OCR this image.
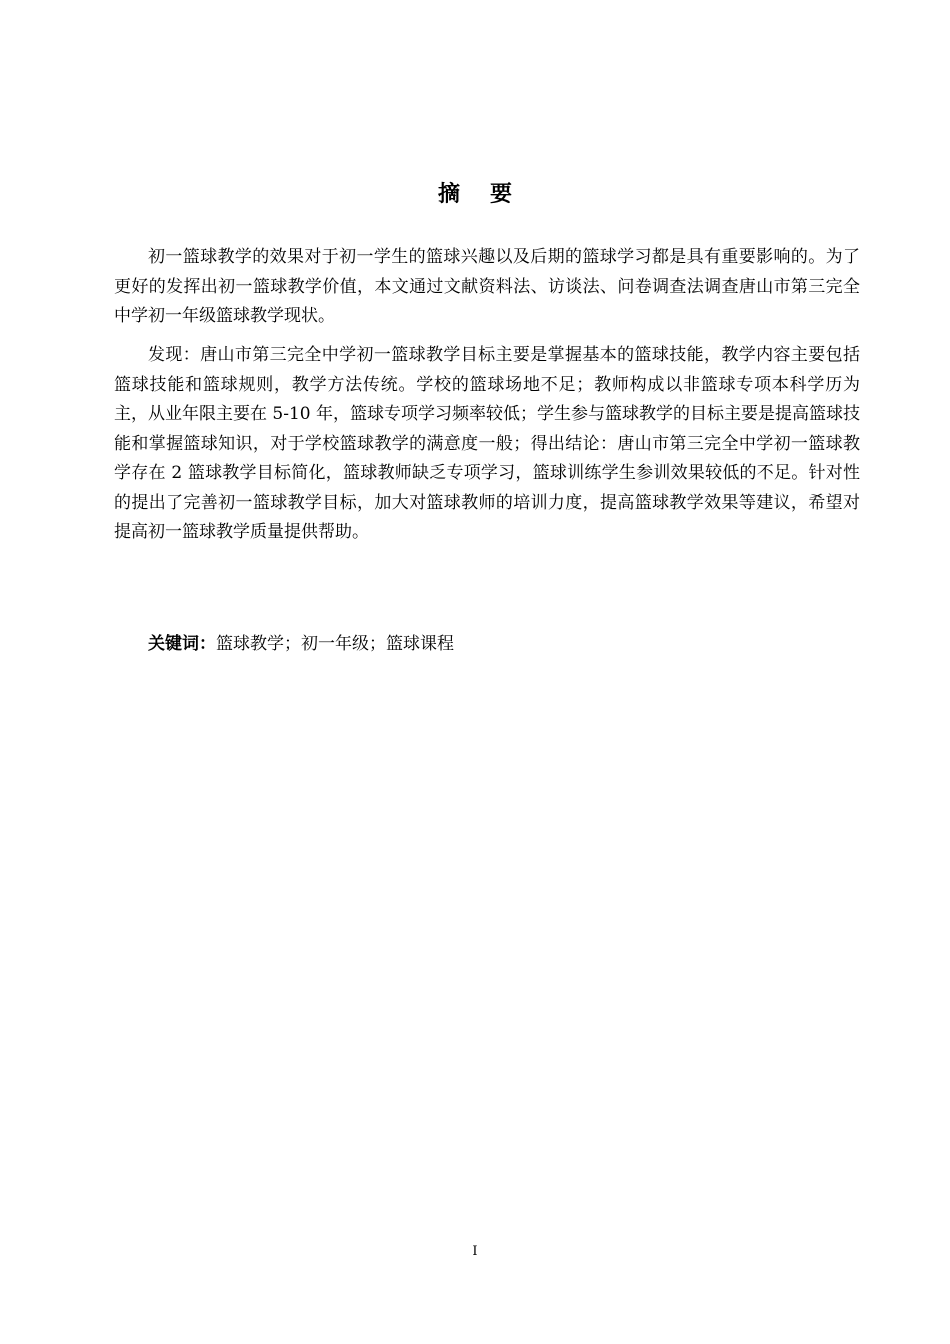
摘要

初一篮球教学的效果对于初一学生的篮球兴趣以及后期的篮球学习都是具有重要影响的。为了更好的发挥出初一篮球教学价值，本文通过文献资料法、访谈法、问卷调查法调查唐山市第三完全中学初一年级篮球教学现状。

发现：唐山市第三完全中学初一篮球教学目标主要是掌握基本的篮球技能，教学内容主要包括篮球技能和篮球规则，教学方法传统。学校的篮球场地不足；教师构成以非篮球专项本科学历为主，从业年限主要在 5-10 年，篮球专项学习频率较低；学生参与篮球教学的目标主要是提高篮球技能和掌握篮球知识，对于学校篮球教学的满意度一般；得出结论：唐山市第三完全中学初一篮球教学存在 2 篮球教学目标简化，篮球教师缺乏专项学习，篮球训练学生参训效果较低的不足。针对性的提出了完善初一篮球教学目标，加大对篮球教师的培训力度，提高篮球教学效果等建议，希望对提高初一篮球教学质量提供帮助。

关键词：篮球教学；初一年级；篮球课程
I
